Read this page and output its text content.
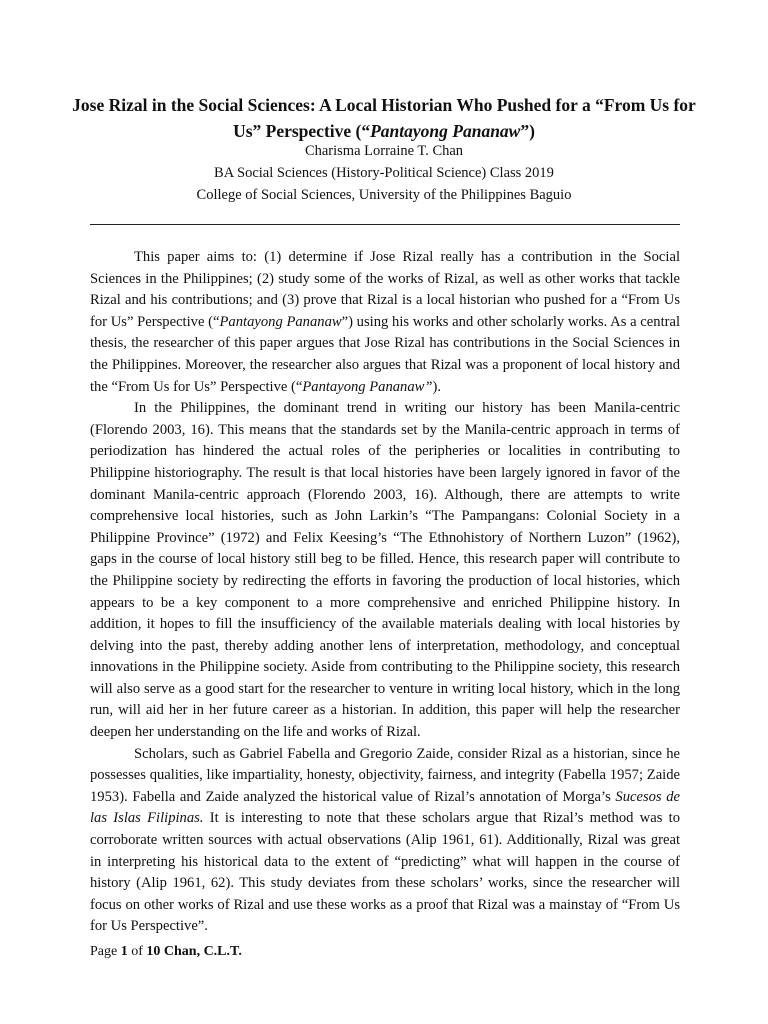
Jose Rizal in the Social Sciences: A Local Historian Who Pushed for a “From Us for Us” Perspective (“Pantayong Pananaw”)

Charisma Lorraine T. Chan

BA Social Sciences (History-Political Science) Class 2019

College of Social Sciences, University of the Philippines Baguio

This paper aims to: (1) determine if Jose Rizal really has a contribution in the Social Sciences in the Philippines; (2) study some of the works of Rizal, as well as other works that tackle Rizal and his contributions; and (3) prove that Rizal is a local historian who pushed for a “From Us for Us” Perspective (“Pantayong Pananaw”) using his works and other scholarly works. As a central thesis, the researcher of this paper argues that Jose Rizal has contributions in the Social Sciences in the Philippines. Moreover, the researcher also argues that Rizal was a proponent of local history and the “From Us for Us” Perspective (“Pantayong Pananaw”).

In the Philippines, the dominant trend in writing our history has been Manila-centric (Florendo 2003, 16). This means that the standards set by the Manila-centric approach in terms of periodization has hindered the actual roles of the peripheries or localities in contributing to Philippine historiography. The result is that local histories have been largely ignored in favor of the dominant Manila-centric approach (Florendo 2003, 16). Although, there are attempts to write comprehensive local histories, such as John Larkin’s “The Pampangans: Colonial Society in a Philippine Province” (1972) and Felix Keesing’s “The Ethnohistory of Northern Luzon” (1962), gaps in the course of local history still beg to be filled. Hence, this research paper will contribute to the Philippine society by redirecting the efforts in favoring the production of local histories, which appears to be a key component to a more comprehensive and enriched Philippine history. In addition, it hopes to fill the insufficiency of the available materials dealing with local histories by delving into the past, thereby adding another lens of interpretation, methodology, and conceptual innovations in the Philippine society. Aside from contributing to the Philippine society, this research will also serve as a good start for the researcher to venture in writing local history, which in the long run, will aid her in her future career as a historian. In addition, this paper will help the researcher deepen her understanding on the life and works of Rizal.

Scholars, such as Gabriel Fabella and Gregorio Zaide, consider Rizal as a historian, since he possesses qualities, like impartiality, honesty, objectivity, fairness, and integrity (Fabella 1957; Zaide 1953). Fabella and Zaide analyzed the historical value of Rizal’s annotation of Morga’s Sucesos de las Islas Filipinas. It is interesting to note that these scholars argue that Rizal’s method was to corroborate written sources with actual observations (Alip 1961, 61). Additionally, Rizal was great in interpreting his historical data to the extent of “predicting” what will happen in the course of history (Alip 1961, 62). This study deviates from these scholars’ works, since the researcher will focus on other works of Rizal and use these works as a proof that Rizal was a mainstay of “From Us for Us Perspective”.

Page 1 of 10 Chan, C.L.T.
